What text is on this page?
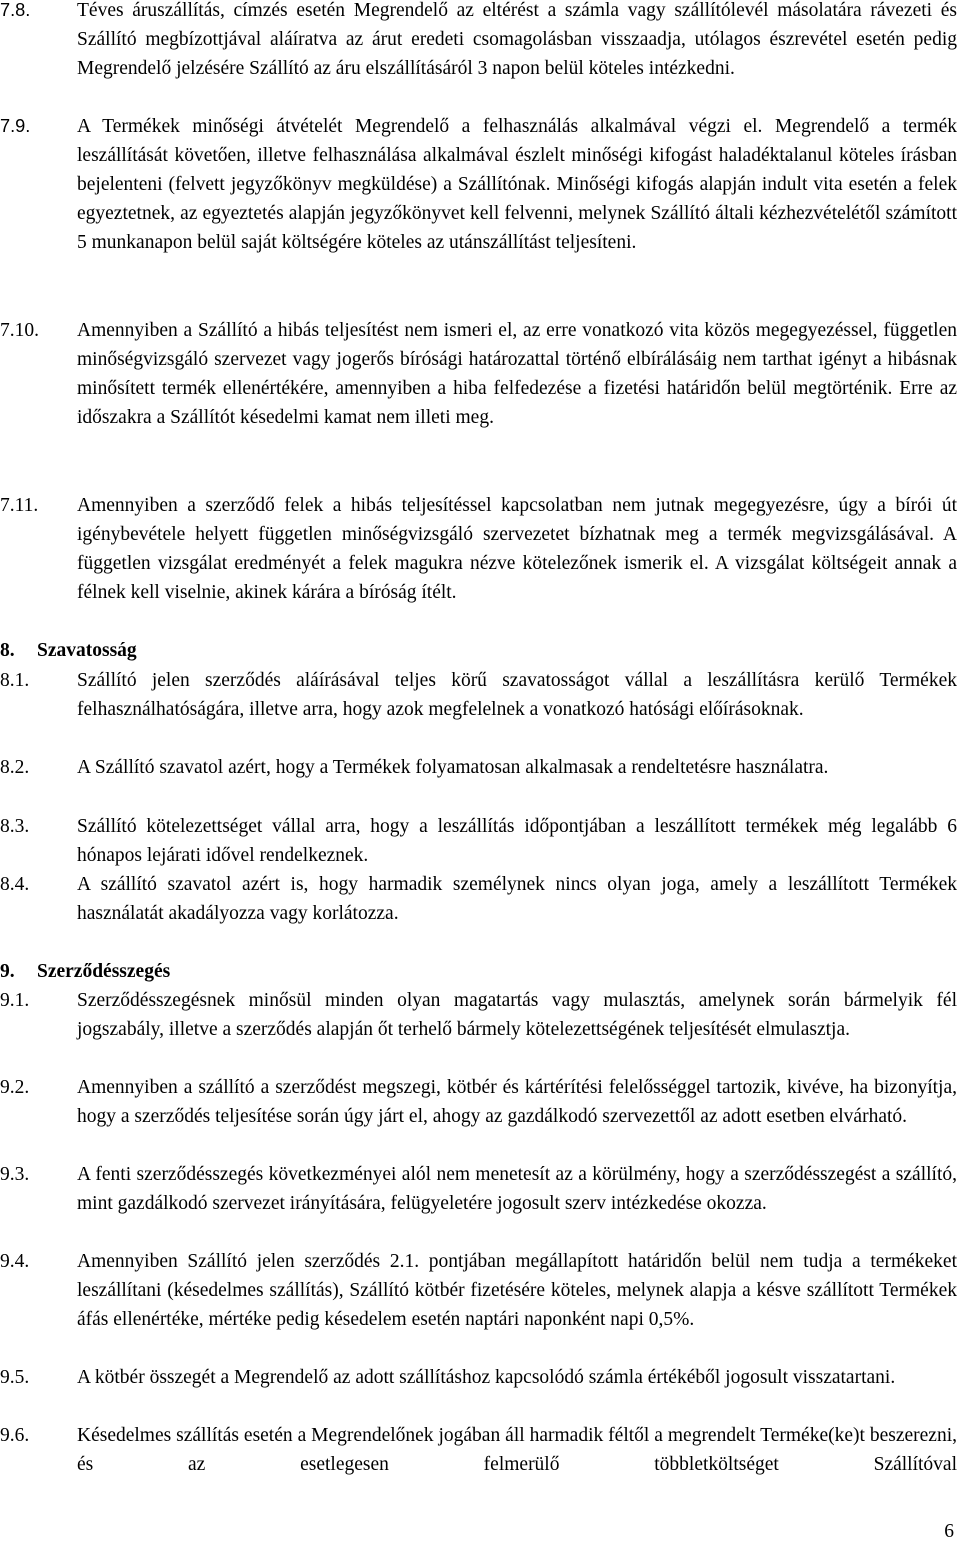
7.8. Téves áruszállítás, címzés esetén Megrendelő az eltérést a számla vagy szállítólevél másolatára rávezeti és Szállító megbízottjával aláíratva az árut eredeti csomagolásban visszaadja, utólagos észrevétel esetén pedig Megrendelő jelzésére Szállító az áru elszállításáról 3 napon belül köteles intézkedni.
7.9. A Termékek minőségi átvételét Megrendelő a felhasználás alkalmával végzi el. Megrendelő a termék leszállítását követően, illetve felhasználása alkalmával észlelt minőségi kifogást haladéktalanul köteles írásban bejelenteni (felvett jegyzőkönyv megküldése) a Szállítónak. Minőségi kifogás alapján indult vita esetén a felek egyeztetnek, az egyeztetés alapján jegyzőkönyvet kell felvenni, melynek Szállító általi kézhezvételétől számított 5 munkanapon belül saját költségére köteles az utánszállítást teljesíteni.
7.10. Amennyiben a Szállító a hibás teljesítést nem ismeri el, az erre vonatkozó vita közös megegyezéssel, független minőségvizsgáló szervezet vagy jogerős bírósági határozattal történő elbírálásáig nem tarthat igényt a hibásnak minősített termék ellenértékére, amennyiben a hiba felfedezése a fizetési határidőn belül megtörténik. Erre az időszakra a Szállítót késedelmi kamat nem illeti meg.
7.11. Amennyiben a szerződő felek a hibás teljesítéssel kapcsolatban nem jutnak megegyezésre, úgy a bírói út igénybevétele helyett független minőségvizsgáló szervezetet bízhatnak meg a termék megvizsgálásával. A független vizsgálat eredményét a felek magukra nézve kötelezőnek ismerik el. A vizsgálat költségeit annak a félnek kell viselnie, akinek kárára a bíróság ítélt.
8. Szavatosság
8.1. Szállító jelen szerződés aláírásával teljes körű szavatosságot vállal a leszállításra kerülő Termékek felhasználhatóságára, illetve arra, hogy azok megfelelnek a vonatkozó hatósági előírásoknak.
8.2. A Szállító szavatol azért, hogy a Termékek folyamatosan alkalmasak a rendeltetésre használatra.
8.3. Szállító kötelezettséget vállal arra, hogy a leszállítás időpontjában a leszállított termékek még legalább 6 hónapos lejárati idővel rendelkeznek.
8.4. A szállító szavatol azért is, hogy harmadik személynek nincs olyan joga, amely a leszállított Termékek használatát akadályozza vagy korlátozza.
9. Szerződésszegés
9.1. Szerződésszegésnek minősül minden olyan magatartás vagy mulasztás, amelynek során bármelyik fél jogszabály, illetve a szerződés alapján őt terhelő bármely kötelezettségének teljesítését elmulasztja.
9.2. Amennyiben a szállító a szerződést megszegi, kötbér és kártérítési felelősséggel tartozik, kivéve, ha bizonyítja, hogy a szerződés teljesítése során úgy járt el, ahogy az gazdálkodó szervezettől az adott esetben elvárható.
9.3. A fenti szerződésszegés következményei alól nem menetesít az a körülmény, hogy a szerződésszegést a szállító, mint gazdálkodó szervezet irányítására, felügyeletére jogosult szerv intézkedése okozza.
9.4. Amennyiben Szállító jelen szerződés 2.1. pontjában megállapított határidőn belül nem tudja a termékeket leszállítani (késedelmes szállítás), Szállító kötbér fizetésére köteles, melynek alapja a késve szállított Termékek áfás ellenértéke, mértéke pedig késedelem esetén naptári naponként napi 0,5%.
9.5. A kötbér összegét a Megrendelő az adott szállításhoz kapcsolódó számla értékéből jogosult visszatartani.
9.6. Késedelmes szállítás esetén a Megrendelőnek jogában áll harmadik féltől a megrendelt Terméke(ke)t beszerezni, és az esetlegesen felmerülő többletköltséget Szállítóval
6
